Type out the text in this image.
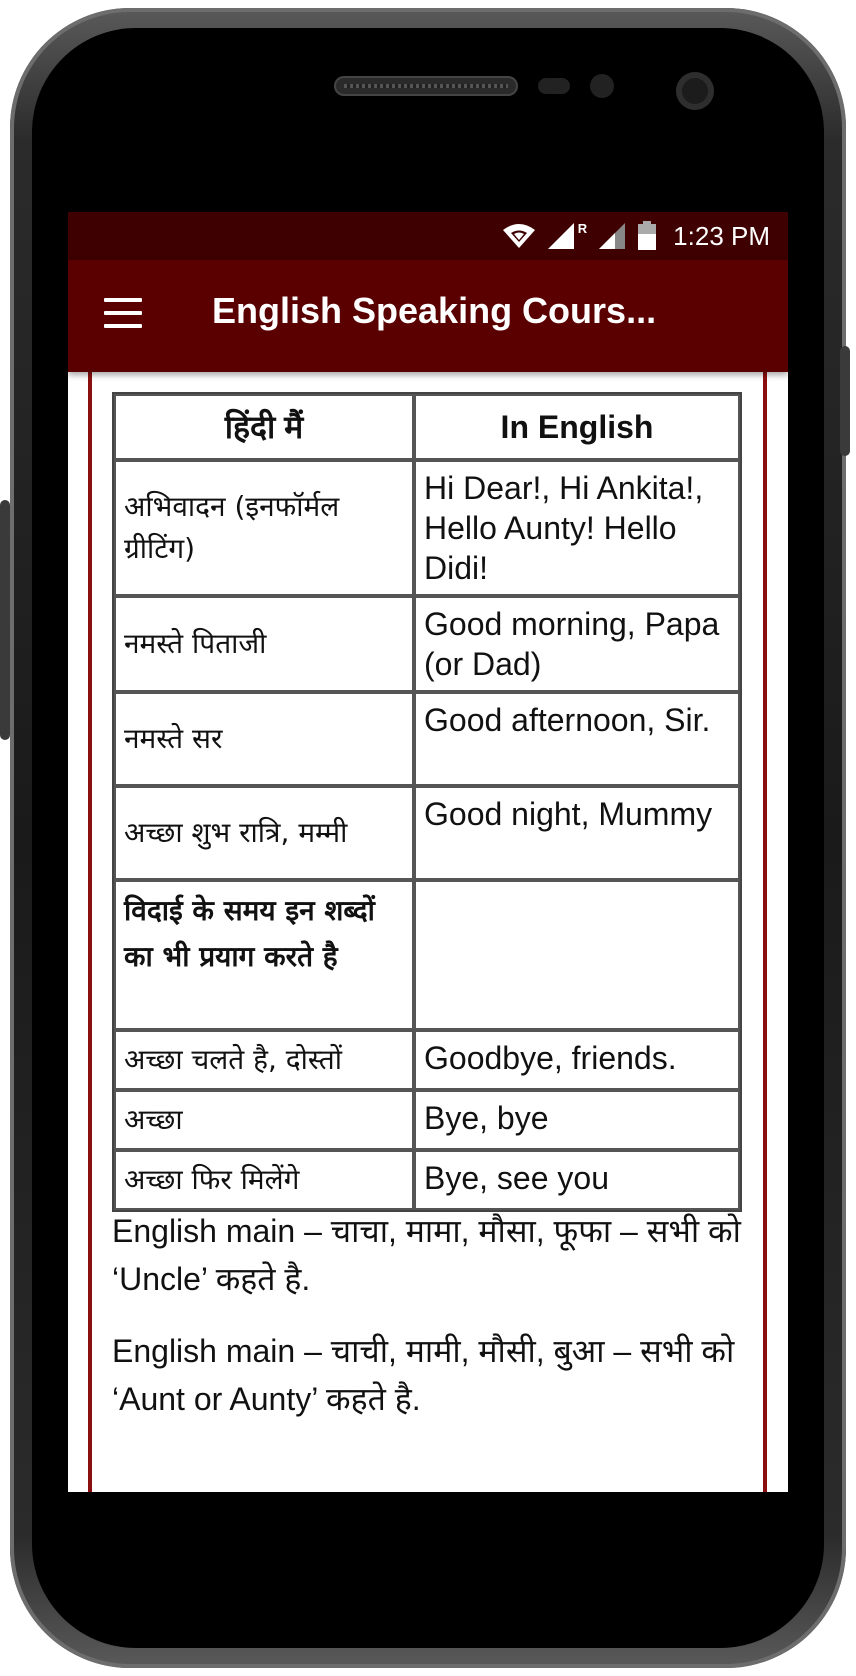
R	1:23 PM
English Speaking Cours...
हिंदी मैं	In English
अभिवादन (इनफॉर्मल ग्रीटिंग)	Hi Dear!, Hi Ankita!, Hello Aunty! Hello Didi!
नमस्ते पिताजी	Good morning, Papa (or Dad)
नमस्ते सर	Good afternoon, Sir.
अच्छा शुभ रात्रि, मम्मी	Good night, Mummy
विदाई के समय इन शब्दों का भी प्रयाग करते है	
अच्छा चलते है, दोस्तों	Goodbye, friends.
अच्छा	Bye, bye
अच्छा फिर मिलेंगे	Bye, see you

English main – चाचा, मामा, मौसा, फूफा – सभी को ‘Uncle’ कहते है.

English main – चाची, मामी, मौसी, बुआ – सभी को ‘Aunt or Aunty’ कहते है.
